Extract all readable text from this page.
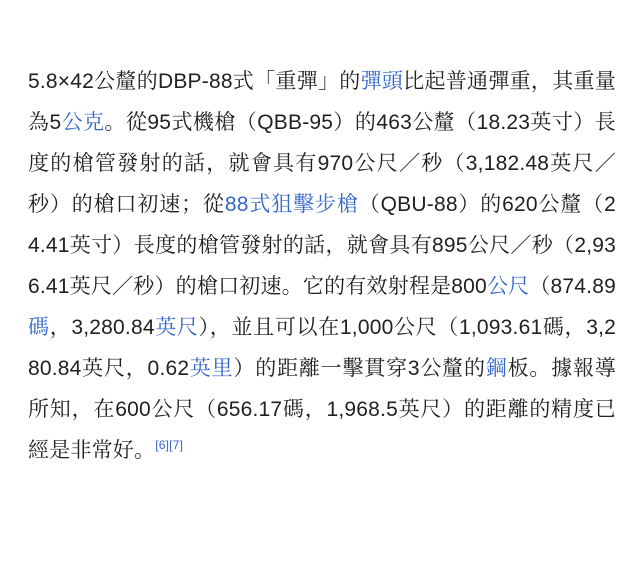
5.8×42公釐的DBP-88式「重彈」的彈頭比起普通彈重，其重量為5公克。從95式機槍（QBB-95）的463公釐（18.23英寸）長度的槍管發射的話，就會具有970公尺／秒（3,182.48英尺／秒）的槍口初速；從88式狙擊步槍（QBU-88）的620公釐（24.41英寸）長度的槍管發射的話，就會具有895公尺／秒（2,936.41英尺／秒）的槍口初速。它的有效射程是800公尺（874.89碼，3,280.84英尺），並且可以在1,000公尺（1,093.61碼，3,280.84英尺，0.62英里）的距離一擊貫穿3公釐的鋼板。據報導所知，在600公尺（656.17碼，1,968.5英尺）的距離的精度已經是非常好。[6][7]
